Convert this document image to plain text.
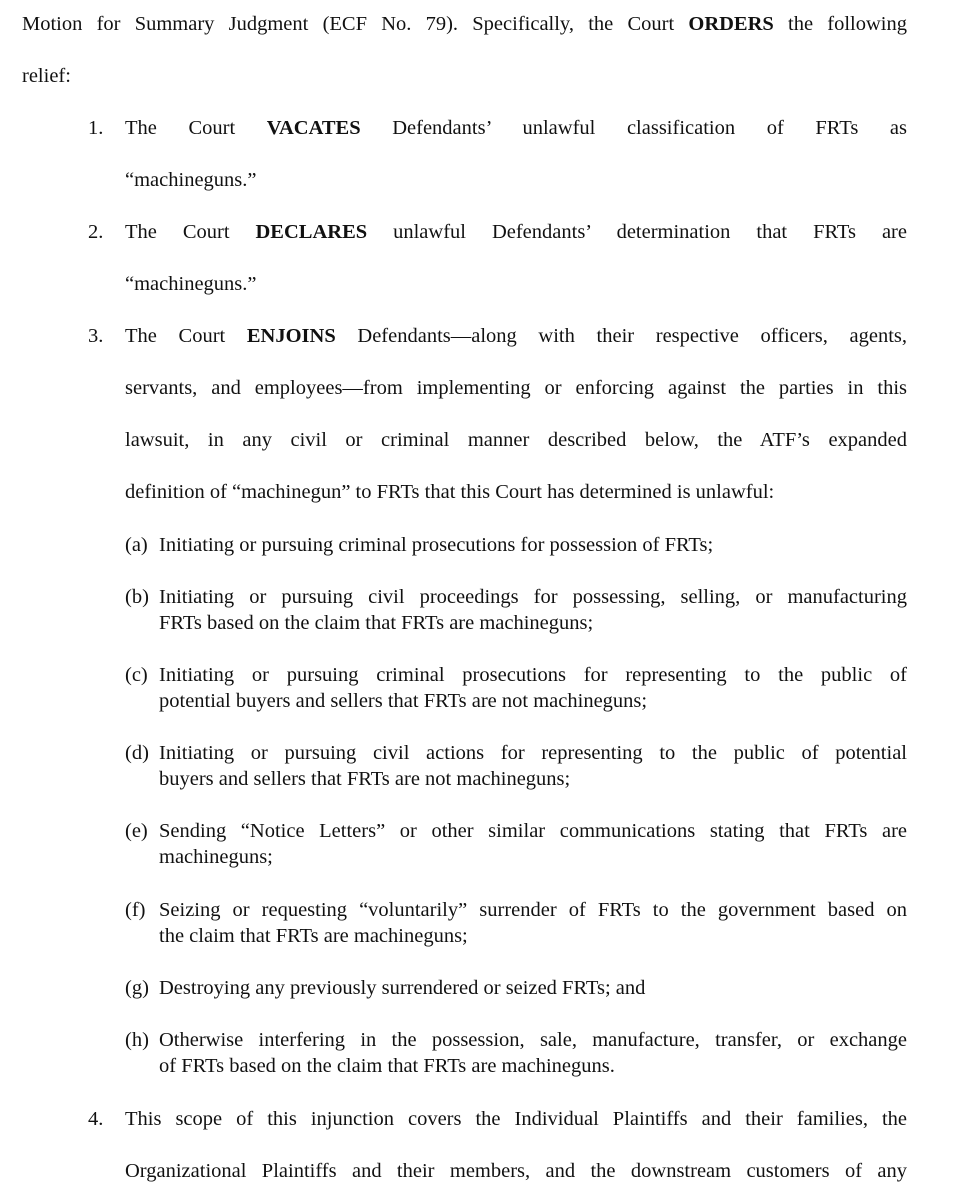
Motion for Summary Judgment (ECF No. 79). Specifically, the Court ORDERS the following
relief:
1. The Court VACATES Defendants’ unlawful classification of FRTs as
“machineguns.”
2. The Court DECLARES unlawful Defendants’ determination that FRTs are
“machineguns.”
3. The Court ENJOINS Defendants—along with their respective officers, agents,
servants, and employees—from implementing or enforcing against the parties in this
lawsuit, in any civil or criminal manner described below, the ATF’s expanded
definition of “machinegun” to FRTs that this Court has determined is unlawful:
(a) Initiating or pursuing criminal prosecutions for possession of FRTs;
(b) Initiating or pursuing civil proceedings for possessing, selling, or manufacturing
FRTs based on the claim that FRTs are machineguns;
(c) Initiating or pursuing criminal prosecutions for representing to the public of
potential buyers and sellers that FRTs are not machineguns;
(d) Initiating or pursuing civil actions for representing to the public of potential
buyers and sellers that FRTs are not machineguns;
(e) Sending “Notice Letters” or other similar communications stating that FRTs are
machineguns;
(f) Seizing or requesting “voluntarily” surrender of FRTs to the government based on
the claim that FRTs are machineguns;
(g) Destroying any previously surrendered or seized FRTs; and
(h) Otherwise interfering in the possession, sale, manufacture, transfer, or exchange
of FRTs based on the claim that FRTs are machineguns.
4. This scope of this injunction covers the Individual Plaintiffs and their families, the
Organizational Plaintiffs and their members, and the downstream customers of any
